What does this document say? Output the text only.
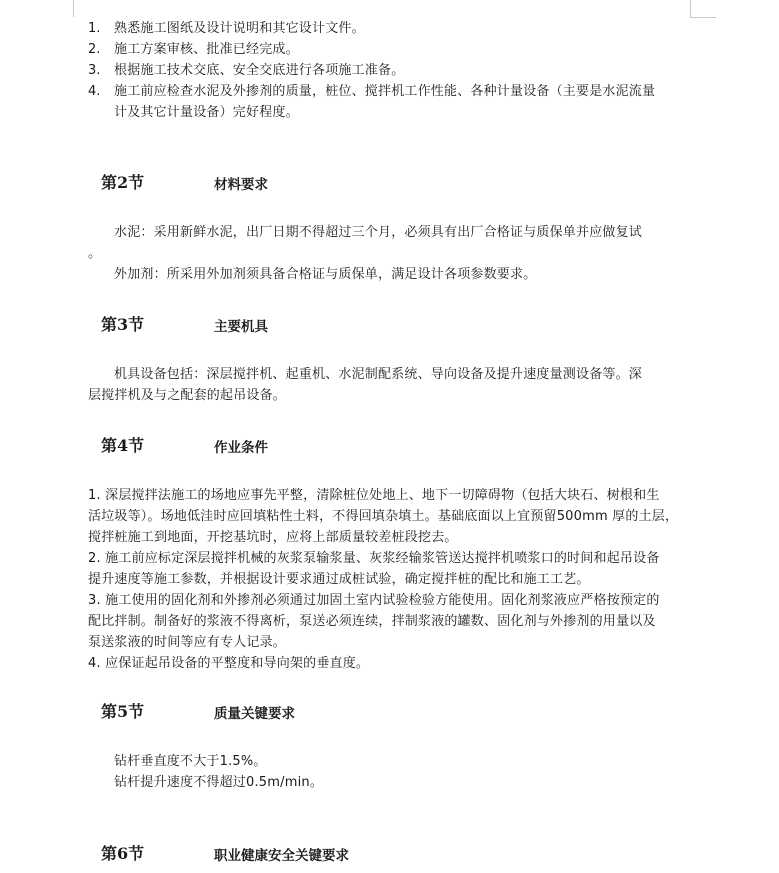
1. 熟悉施工图纸及设计说明和其它设计文件。
2. 施工方案审核、批准已经完成。
3. 根据施工技术交底、安全交底进行各项施工准备。
4. 施工前应检查水泥及外掺剂的质量，桩位、搅拌机工作性能、各种计量设备（主要是水泥流量
计及其它计量设备）完好程度。
第2节	材料要求
水泥：采用新鲜水泥，出厂日期不得超过三个月，必须具有出厂合格证与质保单并应做复试
。
外加剂：所采用外加剂须具备合格证与质保单，满足设计各项参数要求。
第3节	主要机具
机具设备包括：深层搅拌机、起重机、水泥制配系统、导向设备及提升速度量测设备等。深
层搅拌机及与之配套的起吊设备。
第4节	作业条件
1. 深层搅拌法施工的场地应事先平整，清除桩位处地上、地下一切障碍物（包括大块石、树根和生
活垃圾等）。场地低洼时应回填粘性土料，不得回填杂填土。基础底面以上宜预留500mm 厚的土层，
搅拌桩施工到地面，开挖基坑时，应将上部质量较差桩段挖去。
2. 施工前应标定深层搅拌机械的灰浆泵输浆量、灰浆经输浆管送达搅拌机喷浆口的时间和起吊设备
提升速度等施工参数，并根据设计要求通过成桩试验，确定搅拌桩的配比和施工工艺。
3. 施工使用的固化剂和外掺剂必须通过加固土室内试验检验方能使用。固化剂浆液应严格按预定的
配比拌制。制备好的浆液不得离析，泵送必须连续，拌制浆液的罐数、固化剂与外掺剂的用量以及
泵送浆液的时间等应有专人记录。
4. 应保证起吊设备的平整度和导向架的垂直度。
第5节	质量关键要求
钻杆垂直度不大于1.5%。
钻杆提升速度不得超过0.5m/min。
第6节	职业健康安全关键要求
